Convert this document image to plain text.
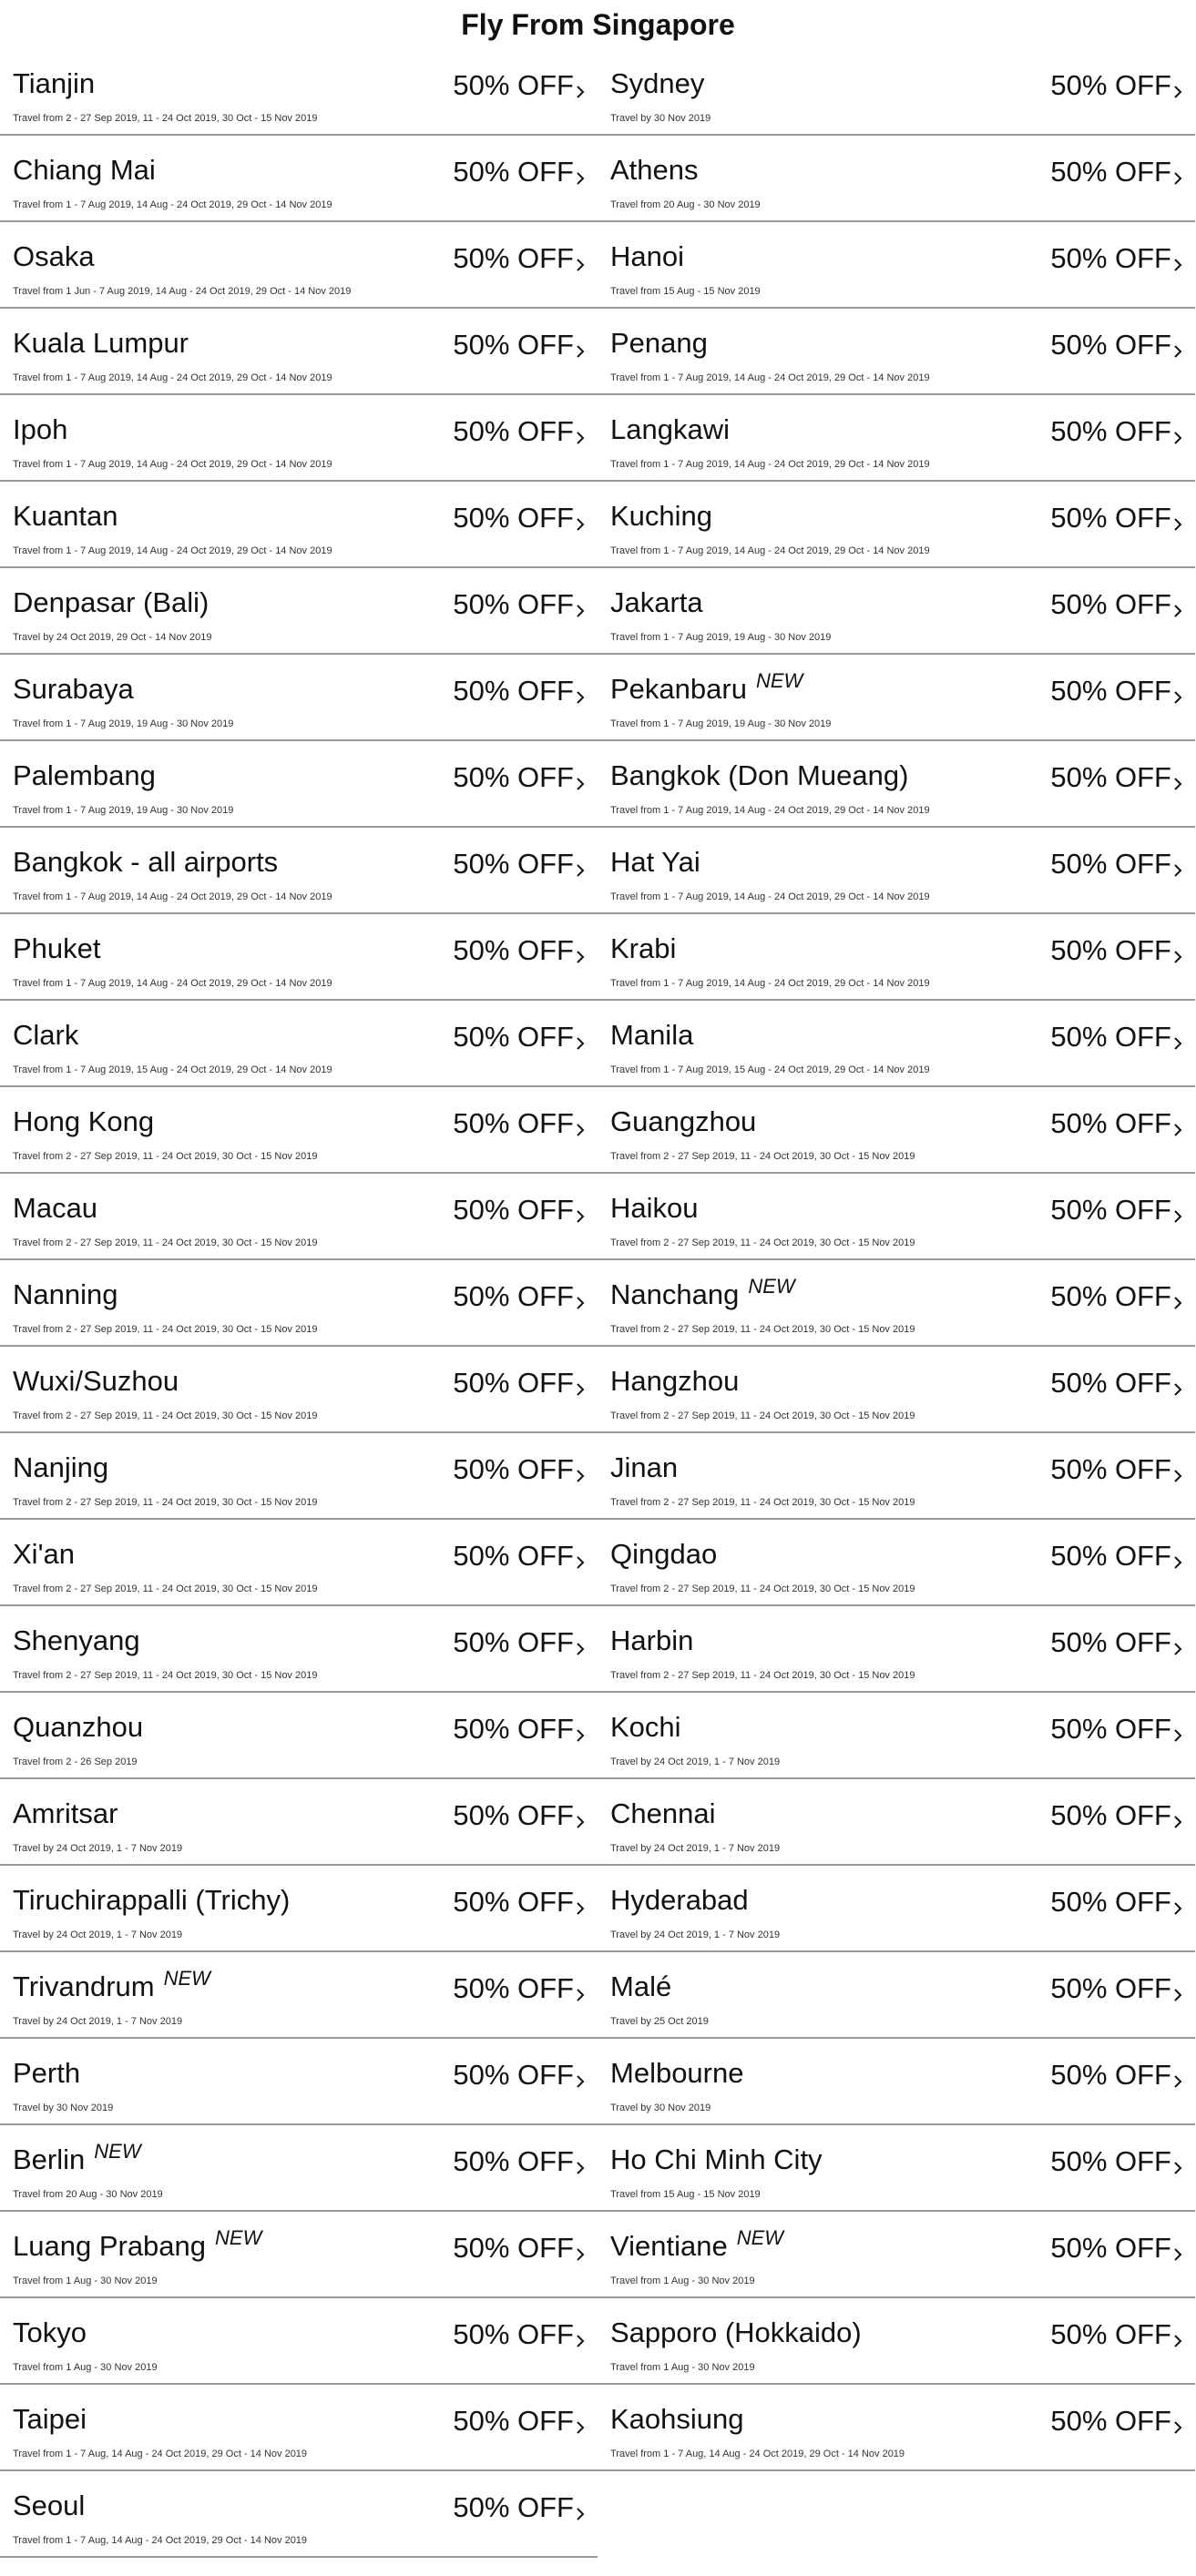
Fly From Singapore
Tianjin
Travel from 2 - 27 Sep 2019, 11 - 24 Oct 2019, 30 Oct - 15 Nov 2019
50% OFF Sydney
Travel by 30 Nov 2019
50% OFF
Chiang Mai
Travel from 1 - 7 Aug 2019, 14 Aug - 24 Oct 2019, 29 Oct - 14 Nov 2019
50% OFF Athens
Travel from 20 Aug - 30 Nov 2019
50% OFF
Osaka
Travel from 1 Jun - 7 Aug 2019, 14 Aug - 24 Oct 2019, 29 Oct - 14 Nov 2019
50% OFF Hanoi
Travel from 15 Aug - 15 Nov 2019
50% OFF
Kuala Lumpur
Travel from 1 - 7 Aug 2019, 14 Aug - 24 Oct 2019, 29 Oct - 14 Nov 2019
50% OFF Penang
Travel from 1 - 7 Aug 2019, 14 Aug - 24 Oct 2019, 29 Oct - 14 Nov 2019
50% OFF
Ipoh
Travel from 1 - 7 Aug 2019, 14 Aug - 24 Oct 2019, 29 Oct - 14 Nov 2019
50% OFF Langkawi
Travel from 1 - 7 Aug 2019, 14 Aug - 24 Oct 2019, 29 Oct - 14 Nov 2019
50% OFF
Kuantan
Travel from 1 - 7 Aug 2019, 14 Aug - 24 Oct 2019, 29 Oct - 14 Nov 2019
50% OFF Kuching
Travel from 1 - 7 Aug 2019, 14 Aug - 24 Oct 2019, 29 Oct - 14 Nov 2019
50% OFF
Denpasar (Bali)
Travel by 24 Oct 2019, 29 Oct - 14 Nov 2019
50% OFF Jakarta
Travel from 1 - 7 Aug 2019, 19 Aug - 30 Nov 2019
50% OFF
Surabaya
Travel from 1 - 7 Aug 2019, 19 Aug - 30 Nov 2019
50% OFF Pekanbaru $^{NEW}$
Travel from 1 - 7 Aug 2019, 19 Aug - 30 Nov 2019
50% OFF
Palembang
Travel from 1 - 7 Aug 2019, 19 Aug - 30 Nov 2019
50% OFF Bangkok (Don Mueang)
Travel from 1 - 7 Aug 2019, 14 Aug - 24 Oct 2019, 29 Oct - 14 Nov 2019
50% OFF
Bangkok - all airports
Travel from 1 - 7 Aug 2019, 14 Aug - 24 Oct 2019, 29 Oct - 14 Nov 2019
50% OFF Hat Yai
Travel from 1 - 7 Aug 2019, 14 Aug - 24 Oct 2019, 29 Oct - 14 Nov 2019
50% OFF
Phuket
Travel from 1 - 7 Aug 2019, 14 Aug - 24 Oct 2019, 29 Oct - 14 Nov 2019
50% OFF Krabi
Travel from 1 - 7 Aug 2019, 14 Aug - 24 Oct 2019, 29 Oct - 14 Nov 2019
50% OFF
Clark
Travel from 1 - 7 Aug 2019, 15 Aug - 24 Oct 2019, 29 Oct - 14 Nov 2019
50% OFF Manila
Travel from 1 - 7 Aug 2019, 15 Aug - 24 Oct 2019, 29 Oct - 14 Nov 2019
50% OFF
Hong Kong
Travel from 2 - 27 Sep 2019, 11 - 24 Oct 2019, 30 Oct - 15 Nov 2019
50% OFF Guangzhou
Travel from 2 - 27 Sep 2019, 11 - 24 Oct 2019, 30 Oct - 15 Nov 2019
50% OFF
Macau
Travel from 2 - 27 Sep 2019, 11 - 24 Oct 2019, 30 Oct - 15 Nov 2019
50% OFF Haikou
Travel from 2 - 27 Sep 2019, 11 - 24 Oct 2019, 30 Oct - 15 Nov 2019
50% OFF
Nanning
Travel from 2 - 27 Sep 2019, 11 - 24 Oct 2019, 30 Oct - 15 Nov 2019
50% OFF Nanchang $^{NEW}$
Travel from 2 - 27 Sep 2019, 11 - 24 Oct 2019, 30 Oct - 15 Nov 2019
50% OFF
Wuxi/Suzhou
Travel from 2 - 27 Sep 2019, 11 - 24 Oct 2019, 30 Oct - 15 Nov 2019
50% OFF Hangzhou
Travel from 2 - 27 Sep 2019, 11 - 24 Oct 2019, 30 Oct - 15 Nov 2019
50% OFF
Nanjing
Travel from 2 - 27 Sep 2019, 11 - 24 Oct 2019, 30 Oct - 15 Nov 2019
50% OFF Jinan
Travel from 2 - 27 Sep 2019, 11 - 24 Oct 2019, 30 Oct - 15 Nov 2019
50% OFF
Xi'an
Travel from 2 - 27 Sep 2019, 11 - 24 Oct 2019, 30 Oct - 15 Nov 2019
50% OFF Qingdao
Travel from 2 - 27 Sep 2019, 11 - 24 Oct 2019, 30 Oct - 15 Nov 2019
50% OFF
Shenyang
Travel from 2 - 27 Sep 2019, 11 - 24 Oct 2019, 30 Oct - 15 Nov 2019
50% OFF Harbin
Travel from 2 - 27 Sep 2019, 11 - 24 Oct 2019, 30 Oct - 15 Nov 2019
50% OFF
Quanzhou
Travel from 2 - 26 Sep 2019
50% OFF Kochi
Travel by 24 Oct 2019, 1 - 7 Nov 2019
50% OFF
Amritsar
Travel by 24 Oct 2019, 1 - 7 Nov 2019
50% OFF Chennai
Travel by 24 Oct 2019, 1 - 7 Nov 2019
50% OFF
Tiruchirappalli (Trichy)
Travel by 24 Oct 2019, 1 - 7 Nov 2019
50% OFF Hyderabad
Travel by 24 Oct 2019, 1 - 7 Nov 2019
50% OFF
Trivandrum $^{NEW}$
Travel by 24 Oct 2019, 1 - 7 Nov 2019
50% OFF Malé
Travel by 25 Oct 2019
50% OFF
Perth
Travel by 30 Nov 2019
50% OFF Melbourne
Travel by 30 Nov 2019
50% OFF
Berlin $^{NEW}$
Travel from 20 Aug - 30 Nov 2019
50% OFF Ho Chi Minh City
Travel from 15 Aug - 15 Nov 2019
50% OFF
Luang Prabang $^{NEW}$
Travel from 1 Aug - 30 Nov 2019
50% OFF Vientiane $^{NEW}$
Travel from 1 Aug - 30 Nov 2019
50% OFF
Tokyo
Travel from 1 Aug - 30 Nov 2019
50% OFF Sapporo (Hokkaido)
Travel from 1 Aug - 30 Nov 2019
50% OFF
Taipei
Travel from 1 - 7 Aug, 14 Aug - 24 Oct 2019, 29 Oct - 14 Nov 2019
50% OFF Kaohsiung
Travel from 1 - 7 Aug, 14 Aug - 24 Oct 2019, 29 Oct - 14 Nov 2019
50% OFF
Seoul
Travel from 1 - 7 Aug, 14 Aug - 24 Oct 2019, 29 Oct - 14 Nov 2019
50% OFF
